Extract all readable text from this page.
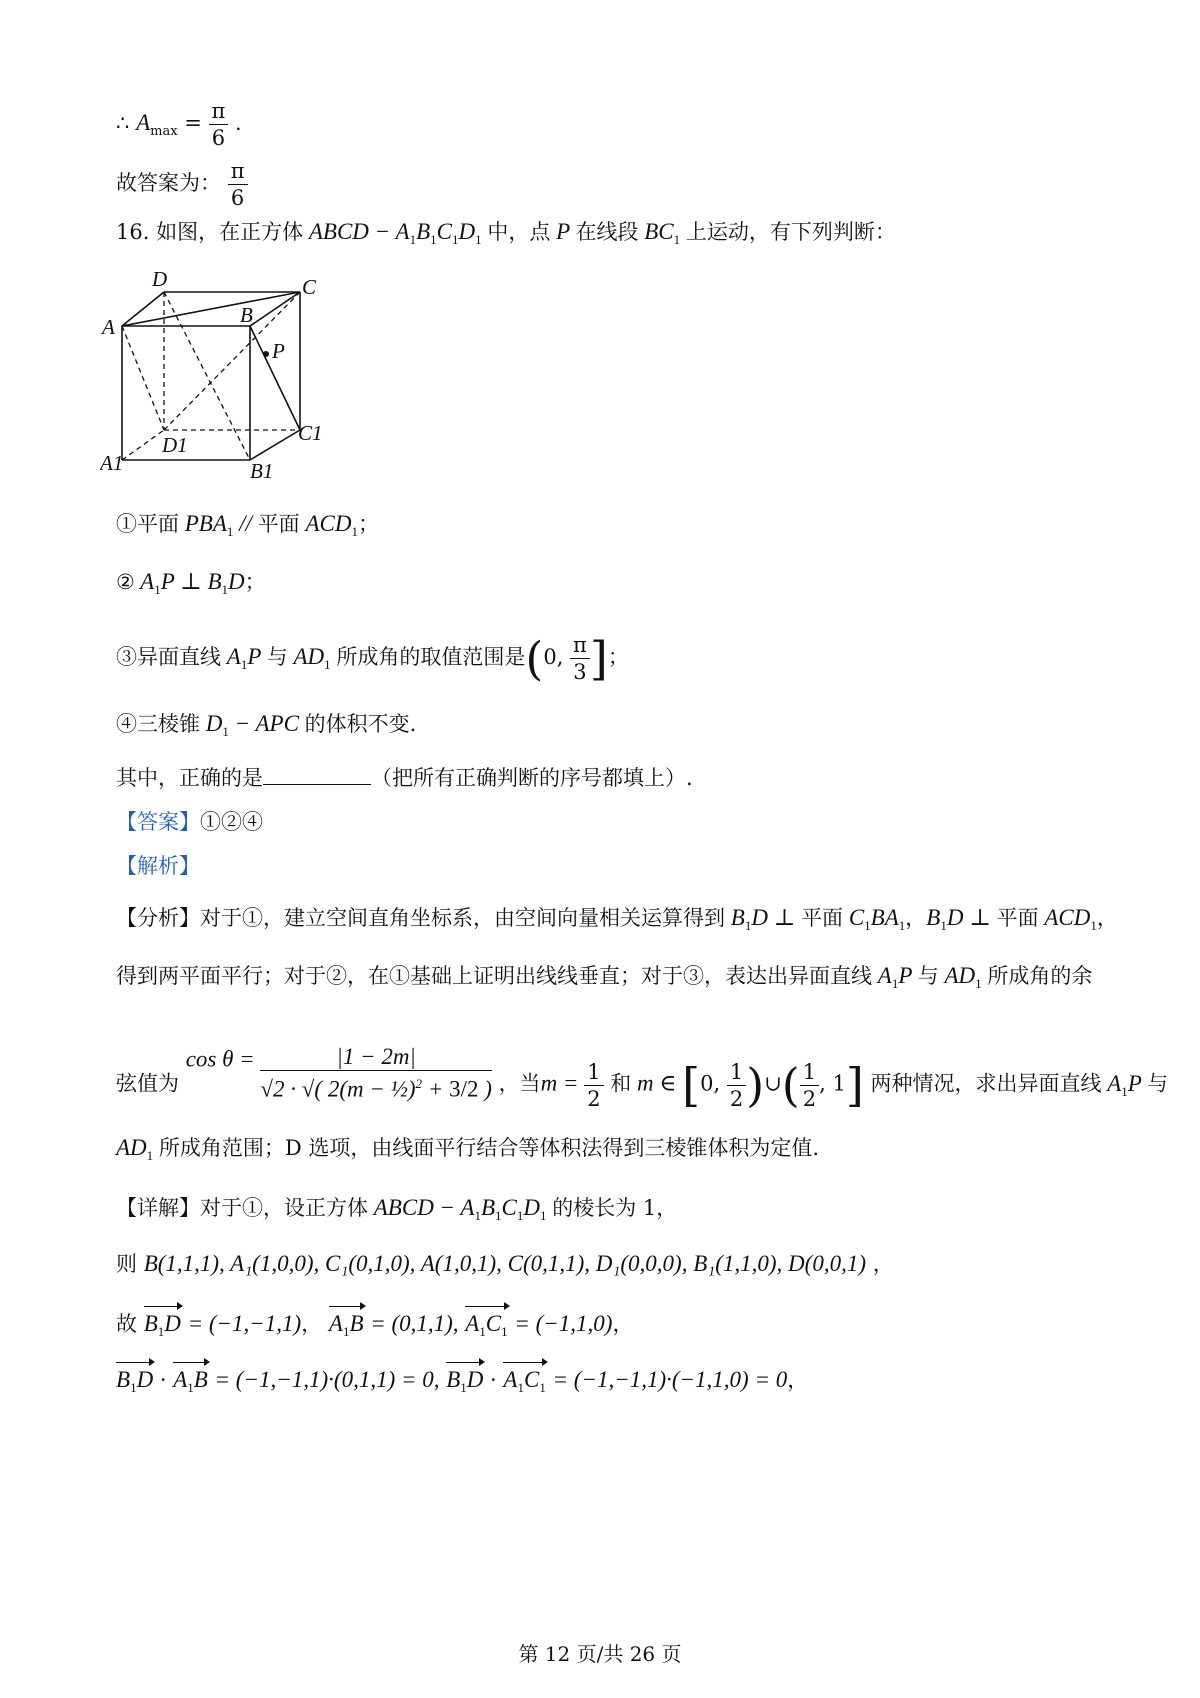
∴ $A_{max} = \frac{\pi}{6}$ .
故答案为： $\frac{\pi}{6}$
16. 如图，在正方体 ABCD − $A_1B_1C_1D_1$ 中，点 P 在线段 $BC_1$ 上运动，有下列判断：
D	C
A	B
P
D1	C1
A1	B1
①平面 $PBA_1$ // 平面 $ACD_1$；
② $A_1P$ ⊥ $B_1D$；
③异面直线 $A_1P$ 与 $AD_1$ 所成角的取值范围是(0, $\frac{\pi}{3}$ ]；
④三棱锥 $D_1$ − APC 的体积不变.
其中，正确的是	（把所有正确判断的序号都填上）.
【答案】①②④
【解析】
【分析】对于①，建立空间直角坐标系，由空间向量相关运算得到 $B_1D$ ⊥ 平面 $C_1BA_1$，$B_1D$ ⊥ 平面 $ACD_1$，
得到两平面平行；对于②，在①基础上证明出线线垂直；对于③，表达出异面直线 $A_1P$ 与 $AD_1$ 所成角的余
弦值为 $\cos \theta = \frac{|1 - 2m|}{√2 \cdot √( 2(m - \frac{1}{2})^2 + 3/2 )}$ ，当$m = \frac{1}{2}$ 和 m ∈ [0, $\frac{1}{2}$ )∪( $\frac{1}{2}$ , 1] 两种情况，求出异面直线 $A_1P$ 与
$AD_1$ 所成角范围；D 选项，由线面平行结合等体积法得到三棱锥体积为定值.
【详解】对于①，设正方体 ABCD − $A_1B_1C_1D_1$ 的棱长为 1，
则 B(1,1,1), A₁(1,0,0), C₁(0,1,0), A(1,0,1), C(0,1,1), D₁(0,0,0), B₁(1,1,0), D(0,0,1) ，
故 $B_1D = (-1,-1,1)$， $A_1B = (0,1,1)$, $A_1C_1 = (-1,1,0)$，
$B_1D \cdot A_1B = (-1,-1,1)\cdot(0,1,1) = 0$, $B_1D \cdot A_1C_1 = (-1,-1,1)\cdot(-1,1,0) = 0$，
第 12 页/共 26 页
